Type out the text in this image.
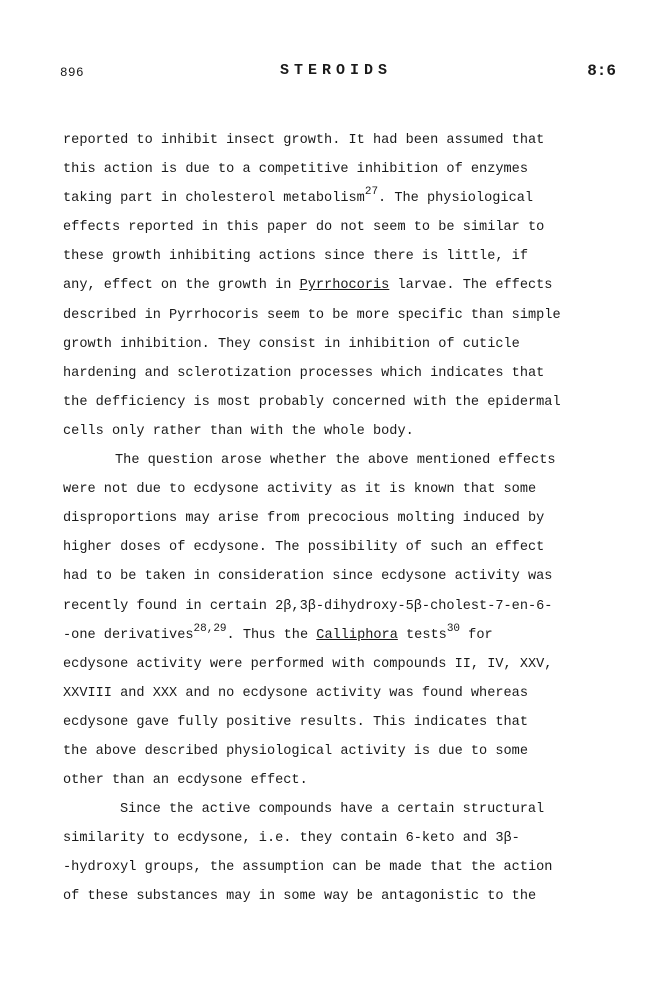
896	STEROIDS	8:6
reported to inhibit insect growth. It had been assumed that
this action is due to a competitive inhibition of enzymes
taking part in cholesterol metabolism$^{27}$. The physiological
effects reported in this paper do not seem to be similar to
these growth inhibiting actions since there is little, if
any, effect on the growth in Pyrrhocoris larvae. The effects
described in Pyrrhocoris seem to be more specific than simple
growth inhibition. They consist in inhibition of cuticle
hardening and sclerotization processes which indicates that
the defficiency is most probably concerned with the epidermal
cells only rather than with the whole body.
The question arose whether the above mentioned effects
were not due to ecdysone activity as it is known that some
disproportions may arise from precocious molting induced by
higher doses of ecdysone. The possibility of such an effect
had to be taken in consideration since ecdysone activity was
recently found in certain 2β,3β-dihydroxy-5β-cholest-7-en-6-
-one derivatives$^{28,29}$. Thus the Calliphora tests$^{30}$ for
ecdysone activity were performed with compounds II, IV, XXV,
XXVIII and XXX and no ecdysone activity was found whereas
ecdysone gave fully positive results. This indicates that
the above described physiological activity is due to some
other than an ecdysone effect.
Since the active compounds have a certain structural
similarity to ecdysone, i.e. they contain 6-keto and 3β-
-hydroxyl groups, the assumption can be made that the action
of these substances may in some way be antagonistic to the
